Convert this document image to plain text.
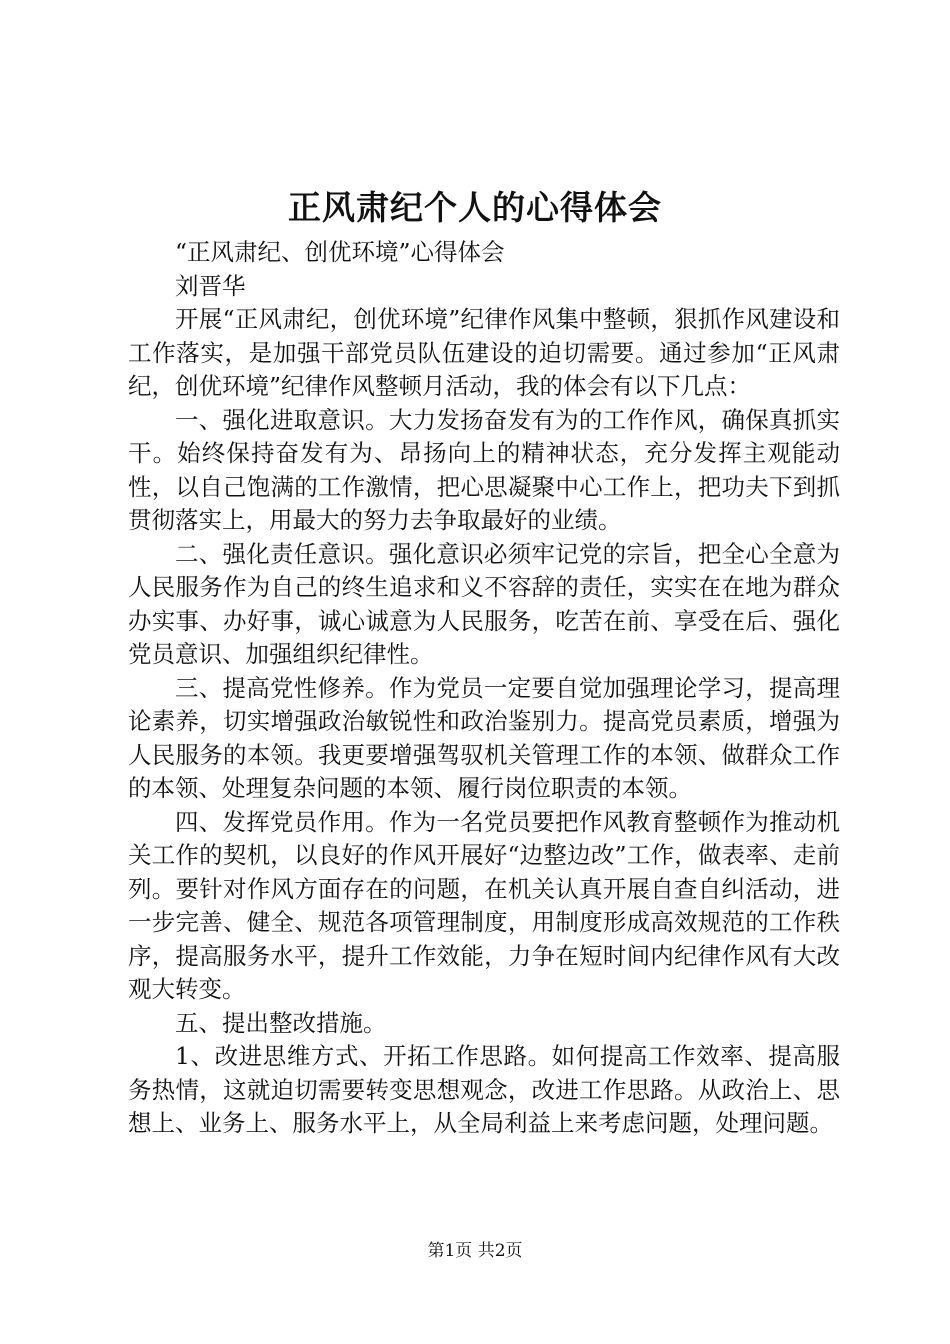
正风肃纪个人的心得体会

“正风肃纪、创优环境”心得体会

刘晋华

开展“正风肃纪，创优环境”纪律作风集中整顿，狠抓作风建设和工作落实，是加强干部党员队伍建设的迫切需要。通过参加“正风肃纪，创优环境”纪律作风整顿月活动，我的体会有以下几点：

一、强化进取意识。大力发扬奋发有为的工作作风，确保真抓实干。始终保持奋发有为、昂扬向上的精神状态，充分发挥主观能动性，以自己饱满的工作激情，把心思凝聚中心工作上，把功夫下到抓贯彻落实上，用最大的努力去争取最好的业绩。

二、强化责任意识。强化意识必须牢记党的宗旨，把全心全意为人民服务作为自己的终生追求和义不容辞的责任，实实在在地为群众办实事、办好事，诚心诚意为人民服务，吃苦在前、享受在后、强化党员意识、加强组织纪律性。

三、提高党性修养。作为党员一定要自觉加强理论学习，提高理论素养，切实增强政治敏锐性和政治鉴别力。提高党员素质，增强为人民服务的本领。我更要增强驾驭机关管理工作的本领、做群众工作的本领、处理复杂问题的本领、履行岗位职责的本领。

四、发挥党员作用。作为一名党员要把作风教育整顿作为推动机关工作的契机，以良好的作风开展好“边整边改”工作，做表率、走前列。要针对作风方面存在的问题，在机关认真开展自查自纠活动，进一步完善、健全、规范各项管理制度，用制度形成高效规范的工作秩序，提高服务水平，提升工作效能，力争在短时间内纪律作风有大改观大转变。

五、提出整改措施。

1、改进思维方式、开拓工作思路。如何提高工作效率、提高服务热情，这就迫切需要转变思想观念，改进工作思路。从政治上、思想上、业务上、服务水平上，从全局利益上来考虑问题，处理问题。

第1页 共2页
